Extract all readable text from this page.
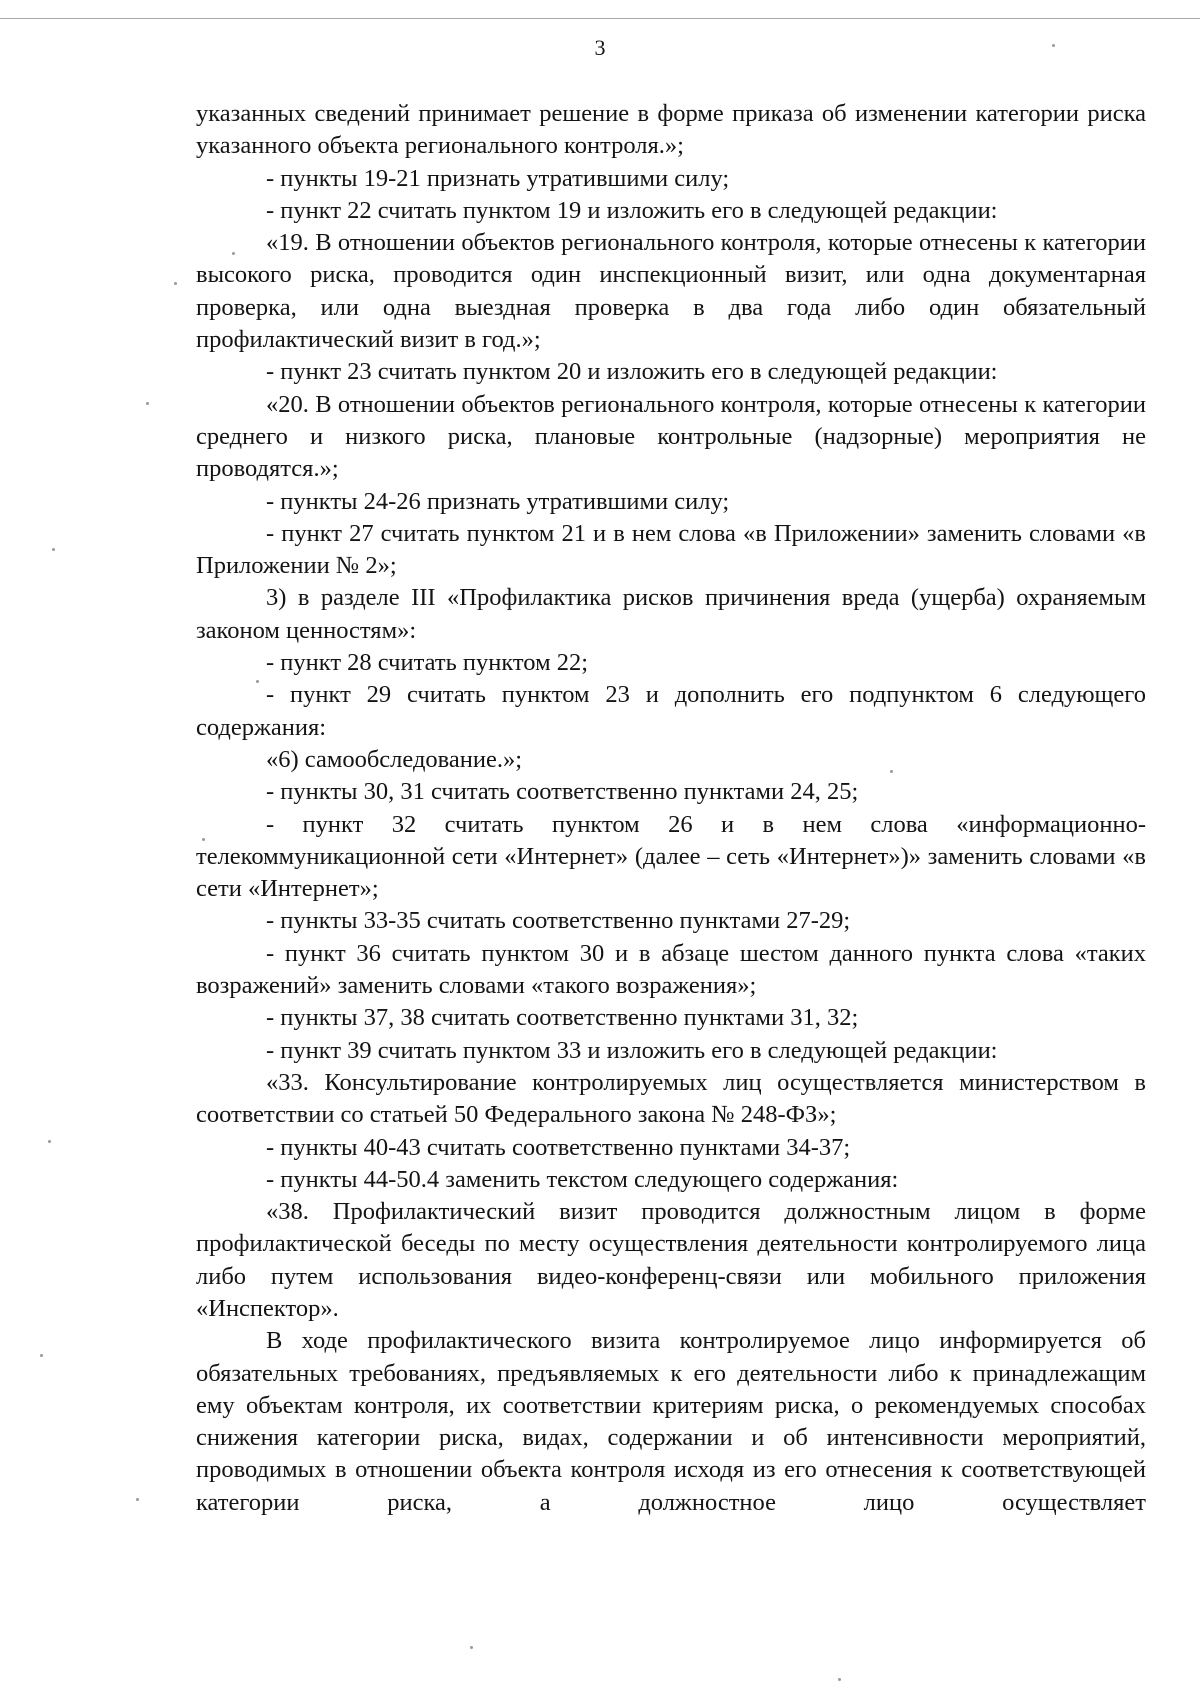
3

указанных сведений принимает решение в форме приказа об изменении категории риска указанного объекта регионального контроля.»;

- пункты 19-21 признать утратившими силу;

- пункт 22 считать пунктом 19 и изложить его в следующей редакции:

«19. В отношении объектов регионального контроля, которые отнесены к категории высокого риска, проводится один инспекционный визит, или одна документарная проверка, или одна выездная проверка в два года либо один обязательный профилактический визит в год.»;

- пункт 23 считать пунктом 20 и изложить его в следующей редакции:

«20. В отношении объектов регионального контроля, которые отнесены к категории среднего и низкого риска, плановые контрольные (надзорные) мероприятия не проводятся.»;

- пункты 24-26 признать утратившими силу;

- пункт 27 считать пунктом 21 и в нем слова «в Приложении» заменить словами «в Приложении № 2»;

3) в разделе III «Профилактика рисков причинения вреда (ущерба) охраняемым законом ценностям»:

- пункт 28 считать пунктом 22;

- пункт 29 считать пунктом 23 и дополнить его подпунктом 6 следующего содержания:

«6) самообследование.»;

- пункты 30, 31 считать соответственно пунктами 24, 25;

- пункт 32 считать пунктом 26 и в нем слова «информационно-телекоммуникационной сети «Интернет» (далее – сеть «Интернет»)» заменить словами «в сети «Интернет»;

- пункты 33-35 считать соответственно пунктами 27-29;

- пункт 36 считать пунктом 30 и в абзаце шестом данного пункта слова «таких возражений» заменить словами «такого возражения»;

- пункты 37, 38 считать соответственно пунктами 31, 32;

- пункт 39 считать пунктом 33 и изложить его в следующей редакции:

«33. Консультирование контролируемых лиц осуществляется министерством в соответствии со статьей 50 Федерального закона № 248-ФЗ»;

- пункты 40-43 считать соответственно пунктами 34-37;

- пункты 44-50.4 заменить текстом следующего содержания:

«38. Профилактический визит проводится должностным лицом в форме профилактической беседы по месту осуществления деятельности контролируемого лица либо путем использования видео-конференц-связи или мобильного приложения «Инспектор».

В ходе профилактического визита контролируемое лицо информируется об обязательных требованиях, предъявляемых к его деятельности либо к принадлежащим ему объектам контроля, их соответствии критериям риска, о рекомендуемых способах снижения категории риска, видах, содержании и об интенсивности мероприятий, проводимых в отношении объекта контроля исходя из его отнесения к соответствующей категории риска, а должностное лицо осуществляет
